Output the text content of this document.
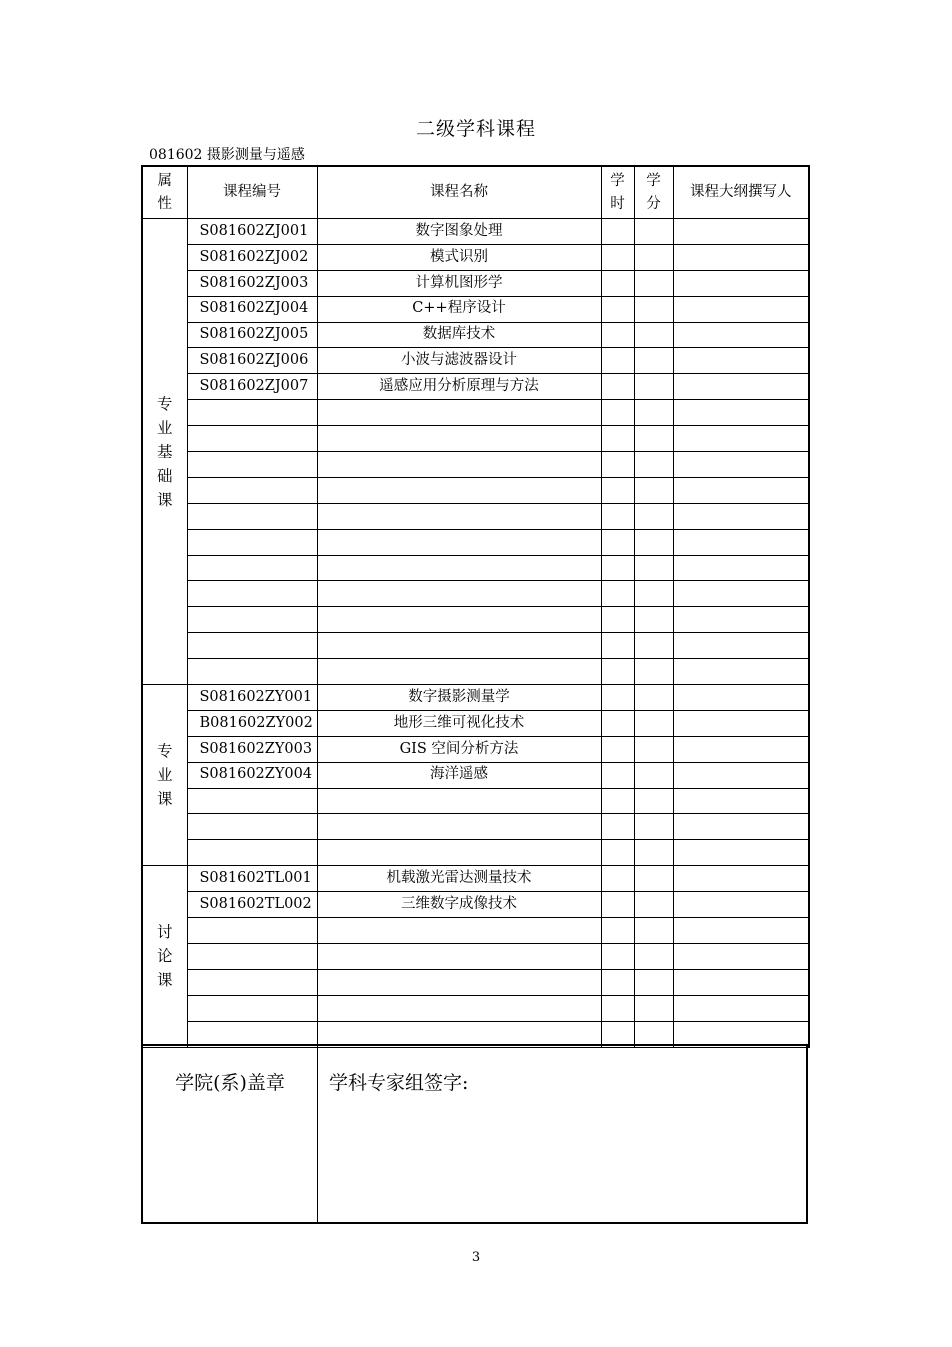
二级学科课程
081602 摄影测量与遥感
属性	课程编号	课程名称	学时	学分	课程大纲撰写人
专业基础课	S081602ZJ001	数字图象处理			
	S081602ZJ002	模式识别			
	S081602ZJ003	计算机图形学			
	S081602ZJ004	C++程序设计			
	S081602ZJ005	数据库技术			
	S081602ZJ006	小波与滤波器设计			
	S081602ZJ007	遥感应用分析原理与方法			

专业课	S081602ZY001	数字摄影测量学			
	B081602ZY002	地形三维可视化技术			
	S081602ZY003	GIS 空间分析方法			
	S081602ZY004	海洋遥感			

讨论课	S081602TL001	机载激光雷达测量技术			
	S081602TL002	三维数字成像技术			

学院(系)盖章	学科专家组签字:
3
